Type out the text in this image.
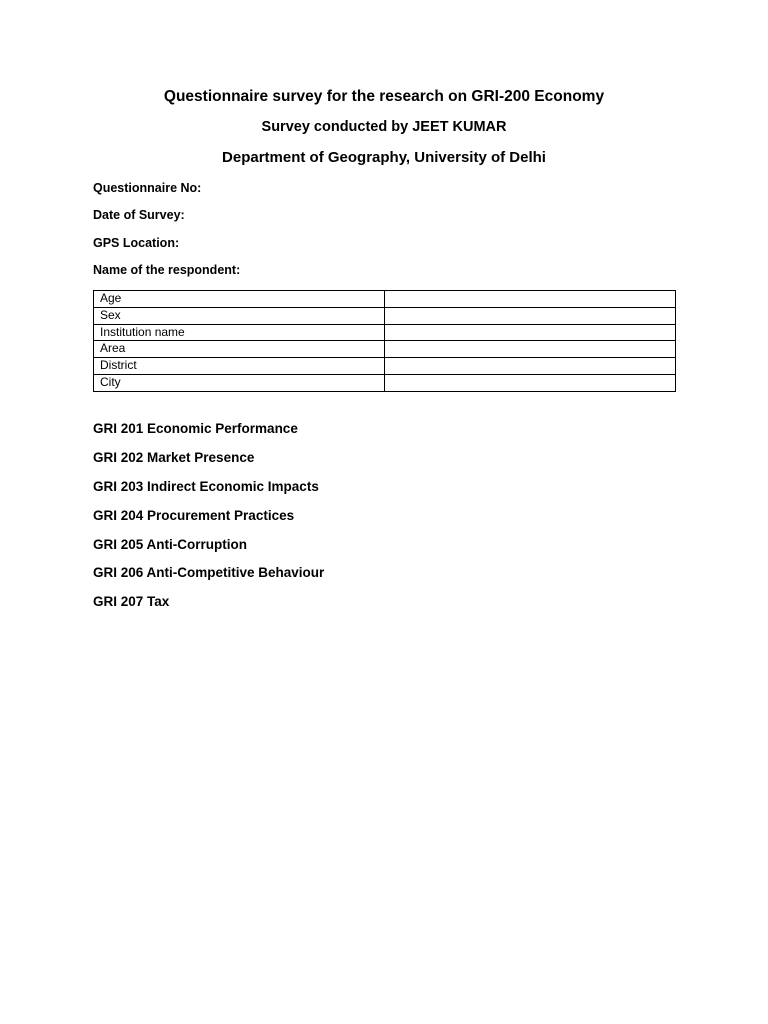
Questionnaire survey for the research on GRI-200 Economy
Survey conducted by JEET KUMAR
Department of Geography, University of Delhi
Questionnaire No:
Date of Survey:
GPS Location:
Name of the respondent:
Age	
Sex	
Institution name	
Area	
District	
City	
GRI 201 Economic Performance
GRI 202 Market Presence
GRI 203 Indirect Economic Impacts
GRI 204 Procurement Practices
GRI 205 Anti-Corruption
GRI 206 Anti-Competitive Behaviour
GRI 207 Tax
